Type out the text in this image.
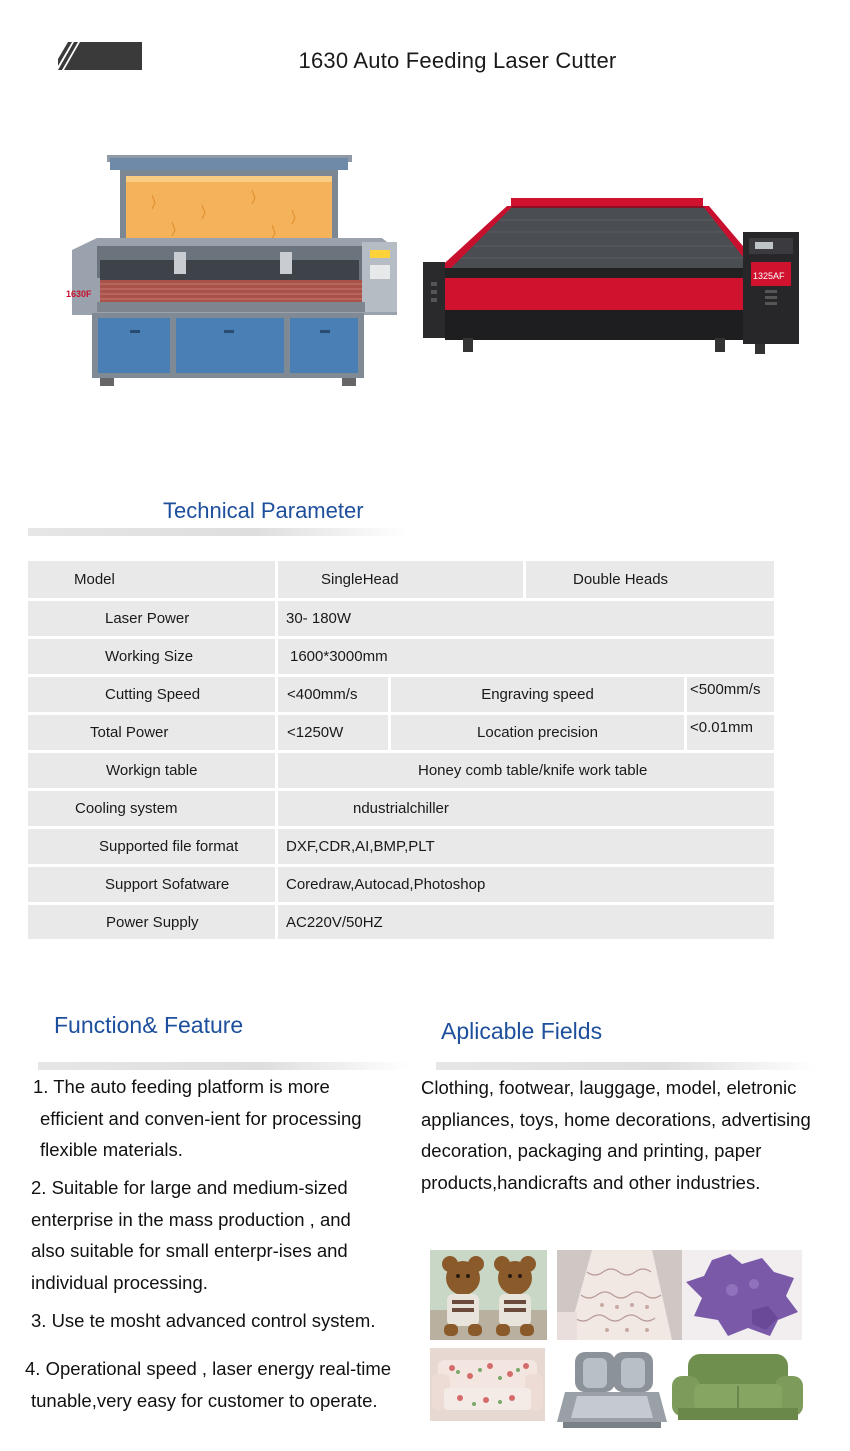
1630 Auto Feeding Laser Cutter
1630F
1325AF
Technical Parameter
Model	SingleHead	Double Heads
Laser Power	30- 180W
Working Size	1600*3000mm
Cutting Speed	<400mm/s	Engraving speed	<500mm/s
Total Power	<1250W	Location precision	<0.01mm
Workign table	Honey comb table/knife work table
Cooling system	ndustrialchiller
Supported file format	DXF,CDR,AI,BMP,PLT
Support Sofatware	Coredraw,Autocad,Photoshop
Power Supply	AC220V/50HZ
Function& Feature
1. The auto feeding platform is more
efficient and conven-ient for processing
flexible materials.
2. Suitable for large and medium-sized
enterprise in the mass production , and
also suitable for small enterpr-ises and
individual processing.
3. Use te mosht advanced control system.
4. Operational speed , laser energy real-time
tunable,very easy for customer to operate.
Aplicable Fields
Clothing, footwear, lauggage, model, eletronic
appliances, toys, home decorations, advertising
decoration, packaging and printing, paper
products,handicrafts and other industries.
